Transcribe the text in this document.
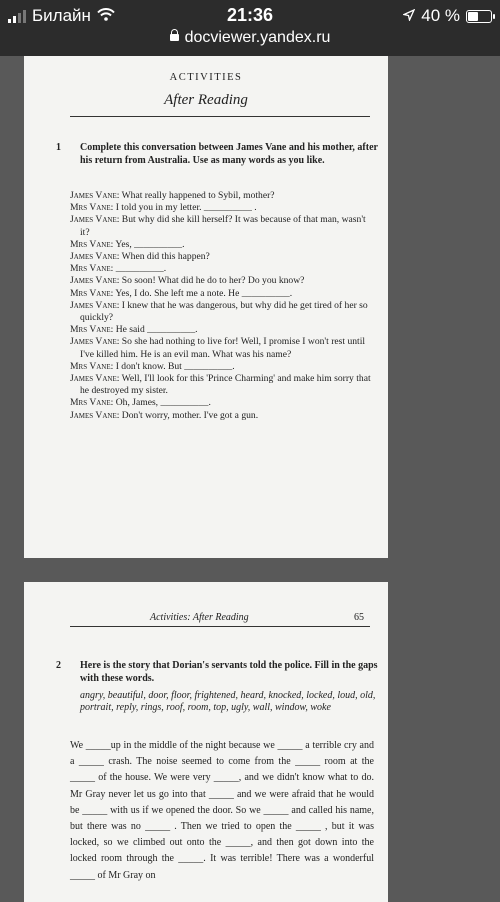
Билайн	21:36	40 %
docviewer.yandex.ru
ACTIVITIES
After Reading
1 Complete this conversation between James Vane and his mother, after his return from Australia. Use as many words as you like.
James Vane: What really happened to Sybil, mother?
Mrs Vane: I told you in my letter. __________ .
James Vane: But why did she kill herself? It was because of that man, wasn't it?
Mrs Vane: Yes, __________.
James Vane: When did this happen?
Mrs Vane: __________.
James Vane: So soon! What did he do to her? Do you know?
Mrs Vane: Yes, I do. She left me a note. He __________.
James Vane: I knew that he was dangerous, but why did he get tired of her so quickly?
Mrs Vane: He said __________.
James Vane: So she had nothing to live for! Well, I promise I won't rest until I've killed him. He is an evil man. What was his name?
Mrs Vane: I don't know. But __________.
James Vane: Well, I'll look for this 'Prince Charming' and make him sorry that he destroyed my sister.
Mrs Vane: Oh, James, __________.
James Vane: Don't worry, mother. I've got a gun.
Activities: After Reading	65
2 Here is the story that Dorian's servants told the police. Fill in the gaps with these words.
angry, beautiful, door, floor, frightened, heard, knocked, locked, loud, old, portrait, reply, rings, roof, room, top, ugly, wall, window, woke
We _____up in the middle of the night because we _____ a terrible cry and a _____ crash. The noise seemed to come from the _____ room at the _____ of the house. We were very _____, and we didn't know what to do. Mr Gray never let us go into that _____ and we were afraid that he would be _____ with us if we opened the door. So we _____ and called his name, but there was no _____ . Then we tried to open the _____ , but it was locked, so we climbed out onto the _____, and then got down into the locked room through the _____. It was terrible! There was a wonderful _____ of Mr Gray on
